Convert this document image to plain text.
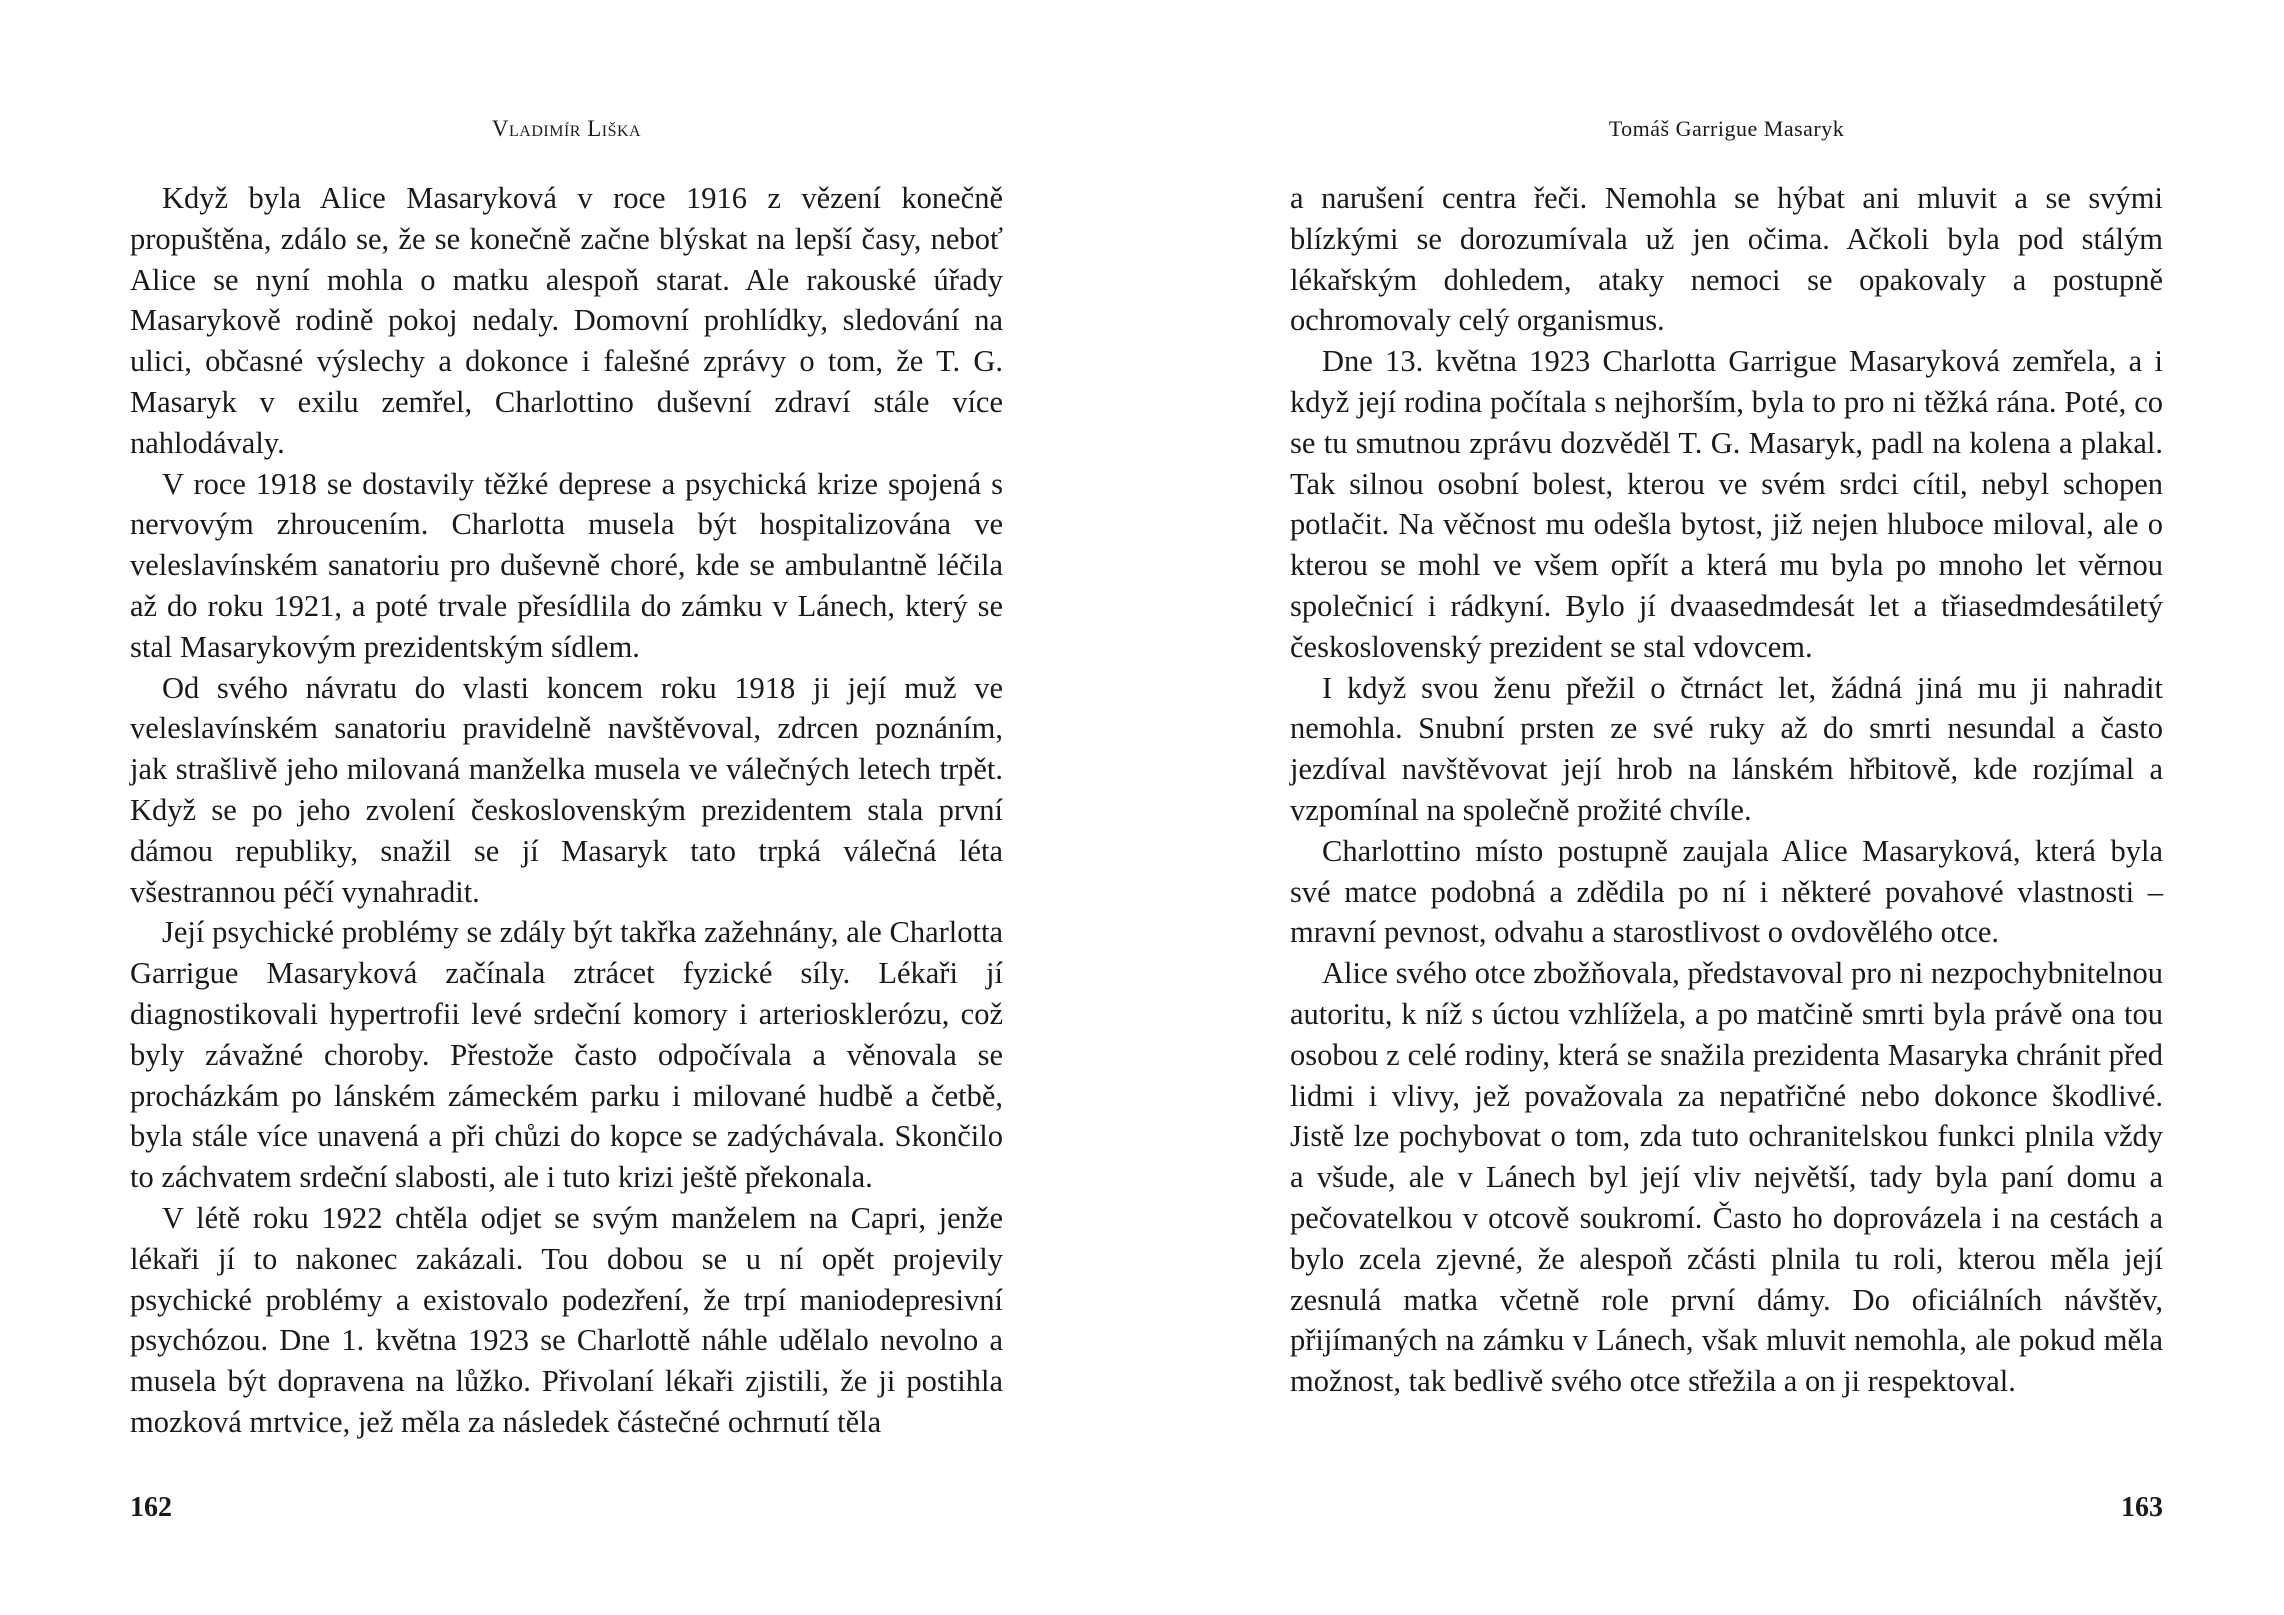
Vladimír Liška

Když byla Alice Masaryková v roce 1916 z vězení konečně propuštěna, zdálo se, že se konečně začne blýskat na lepší časy, neboť Alice se nyní mohla o matku alespoň starat. Ale rakouské úřady Masarykově rodině pokoj nedaly. Domovní prohlídky, sledování na ulici, občasné výslechy a dokonce i falešné zprávy o tom, že T. G. Masaryk v exilu zemřel, Charlottino duševní zdraví stále více nahlodávaly.

V roce 1918 se dostavily těžké deprese a psychická krize spojená s nervovým zhroucením. Charlotta musela být hospitalizována ve veleslavínském sanatoriu pro duševně choré, kde se ambulantně léčila až do roku 1921, a poté trvale přesídlila do zámku v Lánech, který se stal Masarykovým prezidentským sídlem.

Od svého návratu do vlasti koncem roku 1918 ji její muž ve veleslavínském sanatoriu pravidelně navštěvoval, zdrcen poznáním, jak strašlivě jeho milovaná manželka musela ve válečných letech trpět. Když se po jeho zvolení československým prezidentem stala první dámou republiky, snažil se jí Masaryk tato trpká válečná léta všestrannou péčí vynahradit.

Její psychické problémy se zdály být takřka zažehnány, ale Charlotta Garrigue Masaryková začínala ztrácet fyzické síly. Lékaři jí diagnostikovali hypertrofii levé srdeční komory i arteriosklerózu, což byly závažné choroby. Přestože často odpočívala a věnovala se procházkám po lánském zámeckém parku i milované hudbě a četbě, byla stále více unavená a při chůzi do kopce se zadýchávala. Skončilo to záchvatem srdeční slabosti, ale i tuto krizi ještě překonala.

V létě roku 1922 chtěla odjet se svým manželem na Capri, jenže lékaři jí to nakonec zakázali. Tou dobou se u ní opět projevily psychické problémy a existovalo podezření, že trpí maniodepresivní psychózou. Dne 1. května 1923 se Charlottě náhle udělalo nevolno a musela být dopravena na lůžko. Přivolaní lékaři zjistili, že ji postihla mozková mrtvice, jež měla za následek částečné ochrnutí těla

162
Tomáš Garrigue Masaryk

a narušení centra řeči. Nemohla se hýbat ani mluvit a se svými blízkými se dorozumívala už jen očima. Ačkoli byla pod stálým lékařským dohledem, ataky nemoci se opakovaly a postupně ochromovaly celý organismus.

Dne 13. května 1923 Charlotta Garrigue Masaryková zemřela, a i když její rodina počítala s nejhorším, byla to pro ni těžká rána. Poté, co se tu smutnou zprávu dozvěděl T. G. Masaryk, padl na kolena a plakal. Tak silnou osobní bolest, kterou ve svém srdci cítil, nebyl schopen potlačit. Na věčnost mu odešla bytost, již nejen hluboce miloval, ale o kterou se mohl ve všem opřít a která mu byla po mnoho let věrnou společnicí i rádkyní. Bylo jí dvaasedmdesát let a třiasedmdesátiletý československý prezident se stal vdovcem.

I když svou ženu přežil o čtrnáct let, žádná jiná mu ji nahradit nemohla. Snubní prsten ze své ruky až do smrti nesundal a často jezdíval navštěvovat její hrob na lánském hřbitově, kde rozjímal a vzpomínal na společně prožité chvíle.

Charlottino místo postupně zaujala Alice Masaryková, která byla své matce podobná a zdědila po ní i některé povahové vlastnosti – mravní pevnost, odvahu a starostlivost o ovdovělého otce.

Alice svého otce zbožňovala, představoval pro ni nezpochybnitelnou autoritu, k níž s úctou vzhlížela, a po matčině smrti byla právě ona tou osobou z celé rodiny, která se snažila prezidenta Masaryka chránit před lidmi i vlivy, jež považovala za nepatřičné nebo dokonce škodlivé. Jistě lze pochybovat o tom, zda tuto ochranitelskou funkci plnila vždy a všude, ale v Lánech byl její vliv největší, tady byla paní domu a pečovatelkou v otcově soukromí. Často ho doprovázela i na cestách a bylo zcela zjevné, že alespoň zčásti plnila tu roli, kterou měla její zesnulá matka včetně role první dámy. Do oficiálních návštěv, přijímaných na zámku v Lánech, však mluvit nemohla, ale pokud měla možnost, tak bedlivě svého otce střežila a on ji respektoval.

163
